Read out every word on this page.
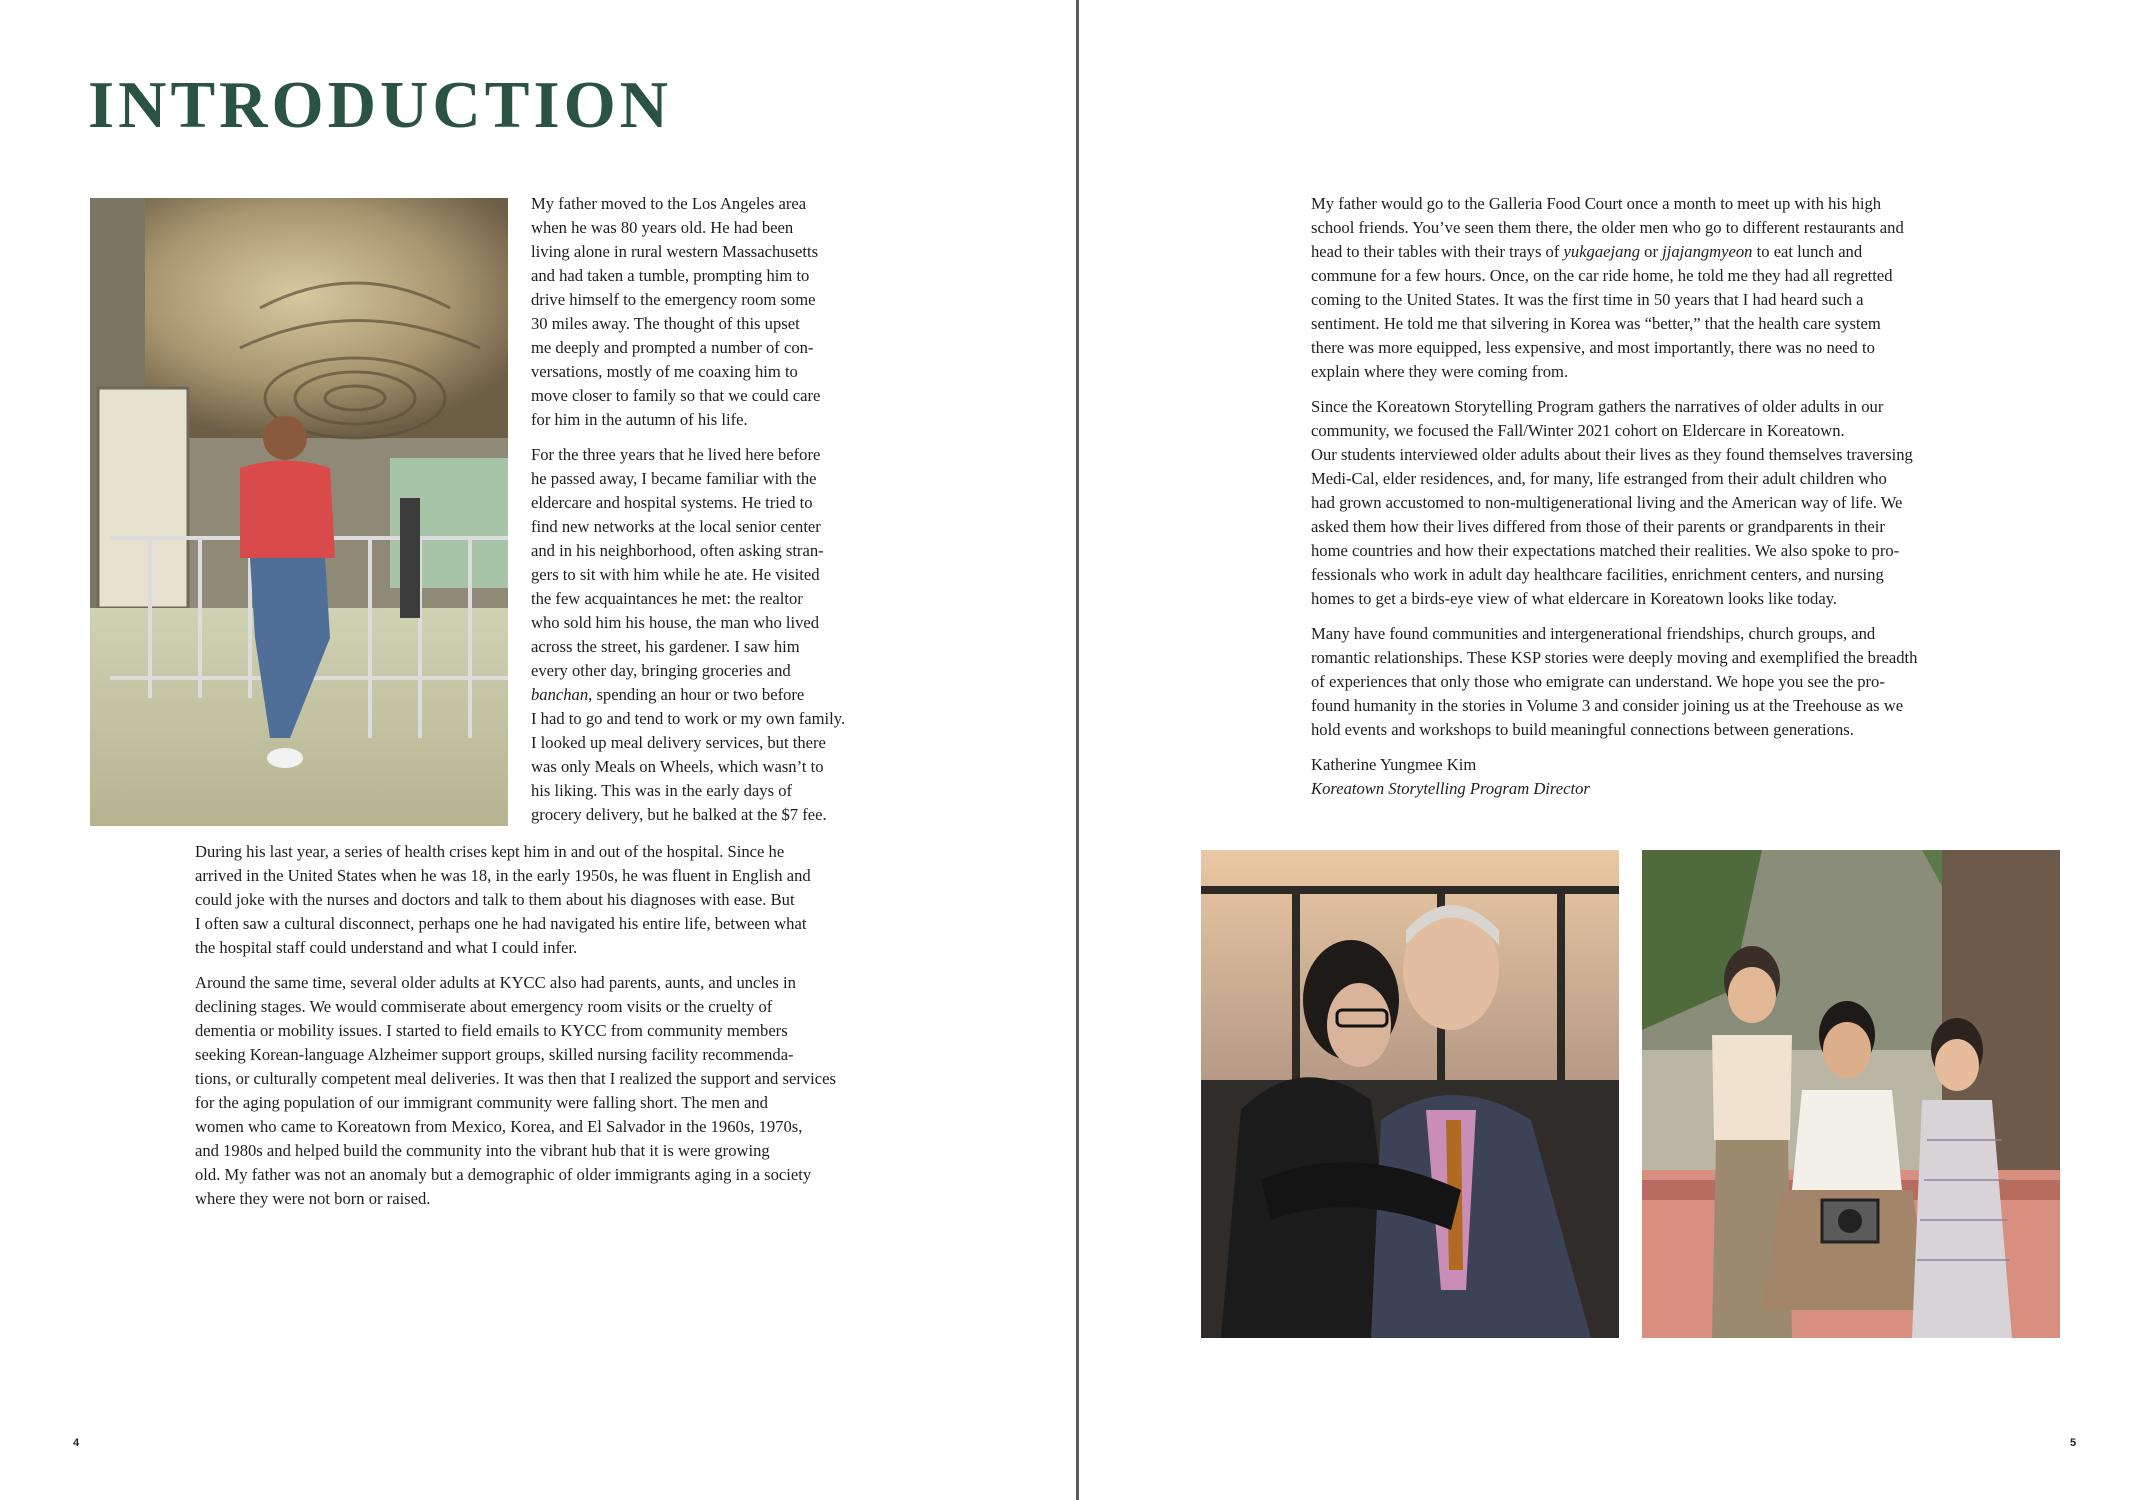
INTRODUCTION

My father moved to the Los Angeles area
when he was 80 years old. He had been
living alone in rural western Massachusetts
and had taken a tumble, prompting him to
drive himself to the emergency room some
30 miles away. The thought of this upset
me deeply and prompted a number of con-
versations, mostly of me coaxing him to
move closer to family so that we could care
for him in the autumn of his life.

For the three years that he lived here before
he passed away, I became familiar with the
eldercare and hospital systems. He tried to
find new networks at the local senior center
and in his neighborhood, often asking stran-
gers to sit with him while he ate. He visited
the few acquaintances he met: the realtor
who sold him his house, the man who lived
across the street, his gardener. I saw him
every other day, bringing groceries and
banchan, spending an hour or two before
I had to go and tend to work or my own family.
I looked up meal delivery services, but there
was only Meals on Wheels, which wasn’t to
his liking. This was in the early days of
grocery delivery, but he balked at the $7 fee.

During his last year, a series of health crises kept him in and out of the hospital. Since he
arrived in the United States when he was 18, in the early 1950s, he was fluent in English and
could joke with the nurses and doctors and talk to them about his diagnoses with ease. But
I often saw a cultural disconnect, perhaps one he had navigated his entire life, between what
the hospital staff could understand and what I could infer.

Around the same time, several older adults at KYCC also had parents, aunts, and uncles in
declining stages. We would commiserate about emergency room visits or the cruelty of
dementia or mobility issues. I started to field emails to KYCC from community members
seeking Korean-language Alzheimer support groups, skilled nursing facility recommenda-
tions, or culturally competent meal deliveries. It was then that I realized the support and services
for the aging population of our immigrant community were falling short. The men and
women who came to Koreatown from Mexico, Korea, and El Salvador in the 1960s, 1970s,
and 1980s and helped build the community into the vibrant hub that it is were growing
old. My father was not an anomaly but a demographic of older immigrants aging in a society
where they were not born or raised.

4

My father would go to the Galleria Food Court once a month to meet up with his high
school friends. You’ve seen them there, the older men who go to different restaurants and
head to their tables with their trays of yukgaejang or jjajangmyeon to eat lunch and
commune for a few hours. Once, on the car ride home, he told me they had all regretted
coming to the United States. It was the first time in 50 years that I had heard such a
sentiment. He told me that silvering in Korea was “better,” that the health care system
there was more equipped, less expensive, and most importantly, there was no need to
explain where they were coming from.

Since the Koreatown Storytelling Program gathers the narratives of older adults in our
community, we focused the Fall/Winter 2021 cohort on Eldercare in Koreatown.
Our students interviewed older adults about their lives as they found themselves traversing
Medi-Cal, elder residences, and, for many, life estranged from their adult children who
had grown accustomed to non-multigenerational living and the American way of life. We
asked them how their lives differed from those of their parents or grandparents in their
home countries and how their expectations matched their realities. We also spoke to pro-
fessionals who work in adult day healthcare facilities, enrichment centers, and nursing
homes to get a birds-eye view of what eldercare in Koreatown looks like today.

Many have found communities and intergenerational friendships, church groups, and
romantic relationships. These KSP stories were deeply moving and exemplified the breadth
of experiences that only those who emigrate can understand. We hope you see the pro-
found humanity in the stories in Volume 3 and consider joining us at the Treehouse as we
hold events and workshops to build meaningful connections between generations.

Katherine Yungmee Kim
Koreatown Storytelling Program Director

5
